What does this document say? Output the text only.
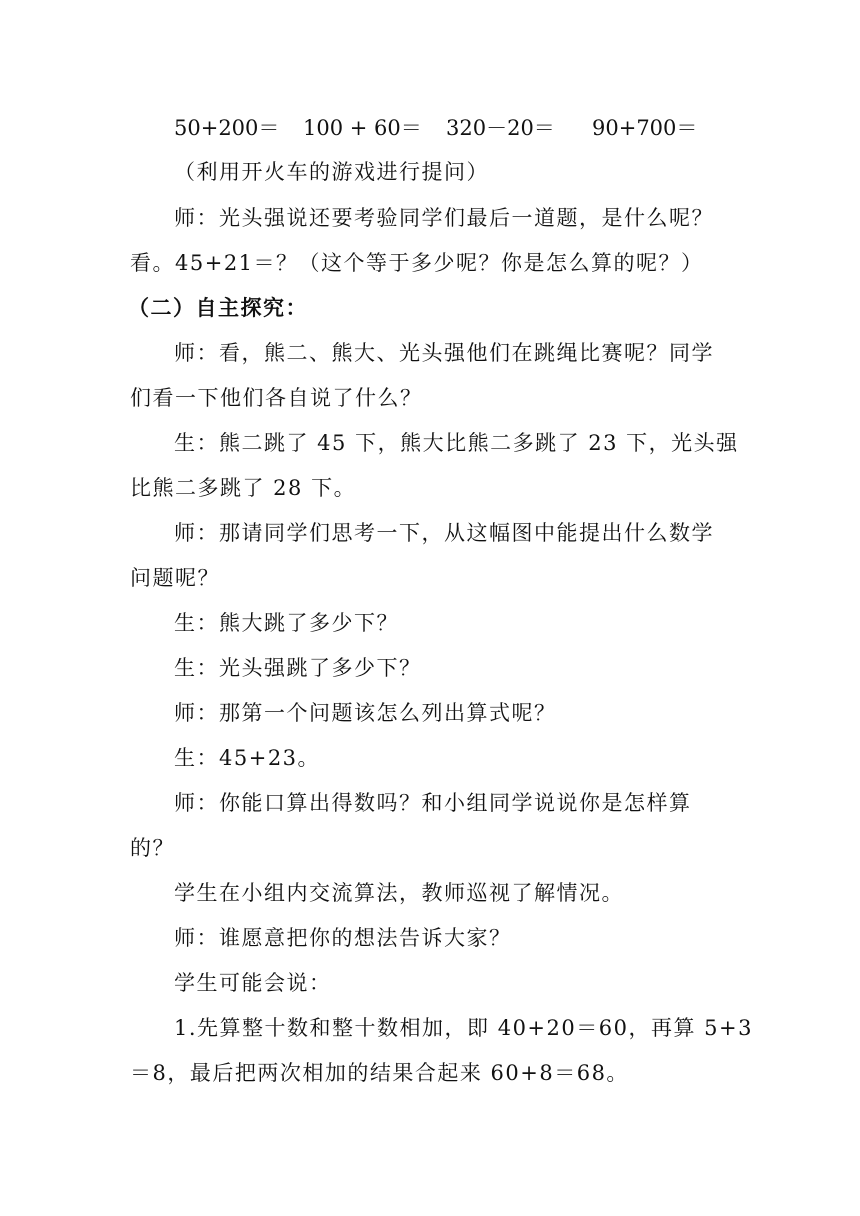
50+200＝ 100 + 60＝ 320－20＝ 90+700＝
（利用开火车的游戏进行提问）
师：光头强说还要考验同学们最后一道题，是什么呢？
看。45+21＝？（这个等于多少呢？你是怎么算的呢？）
（二）自主探究：
师：看，熊二、熊大、光头强他们在跳绳比赛呢？同学
们看一下他们各自说了什么？
生：熊二跳了 45 下，熊大比熊二多跳了 23 下，光头强
比熊二多跳了 28 下。
师：那请同学们思考一下，从这幅图中能提出什么数学
问题呢？
生：熊大跳了多少下？
生：光头强跳了多少下？
师：那第一个问题该怎么列出算式呢？
生：45+23。
师：你能口算出得数吗？和小组同学说说你是怎样算
的？
学生在小组内交流算法，教师巡视了解情况。
师：谁愿意把你的想法告诉大家？
学生可能会说：
1.先算整十数和整十数相加，即 40+20＝60，再算 5+3
＝8，最后把两次相加的结果合起来 60+8＝68。
